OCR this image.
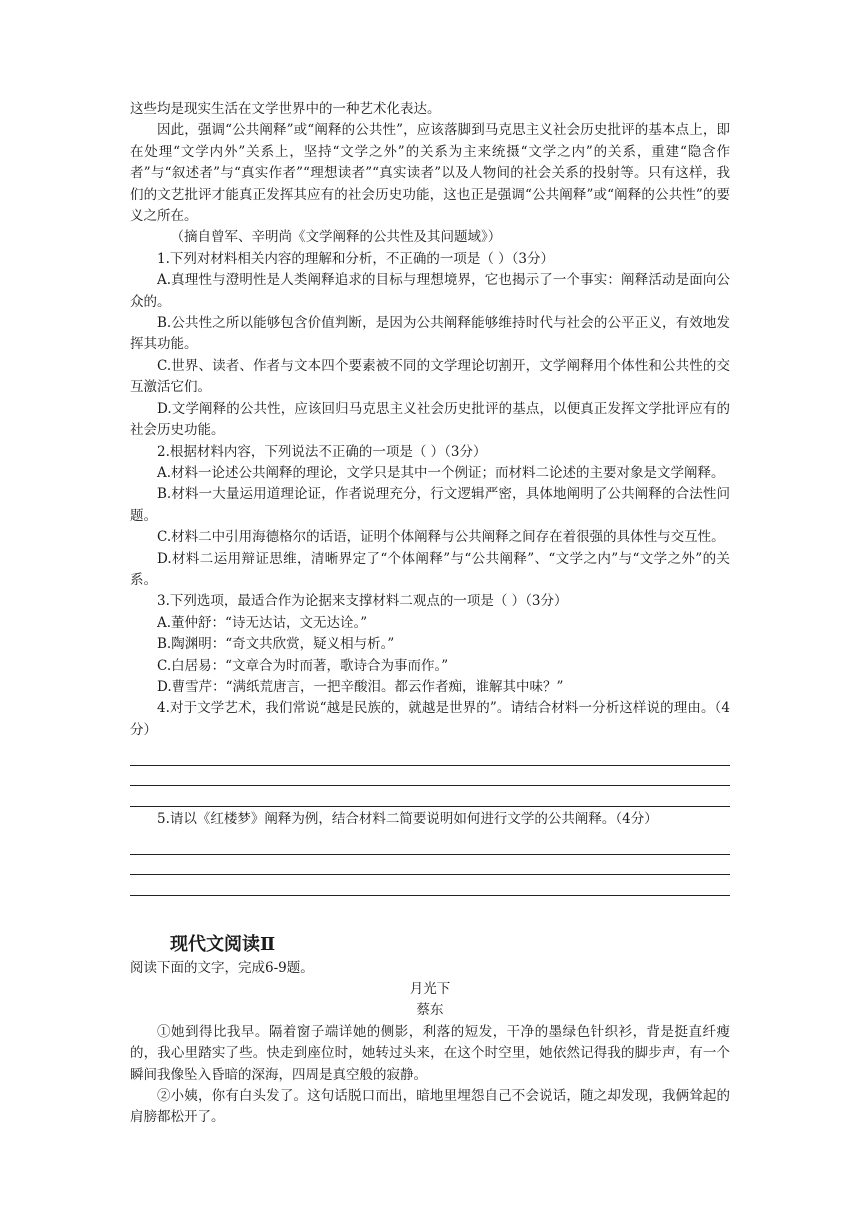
这些均是现实生活在文学世界中的一种艺术化表达。

因此，强调“公共阐释”或“阐释的公共性”，应该落脚到马克思主义社会历史批评的基本点上，即在处理“文学内外”关系上，坚持“文学之外”的关系为主来统摄“文学之内”的关系，重建“隐含作者”与“叙述者”与“真实作者”“理想读者”“真实读者”以及人物间的社会关系的投射等。只有这样，我们的文艺批评才能真正发挥其应有的社会历史功能，这也正是强调“公共阐释”或“阐释的公共性”的要义之所在。

（摘自曾军、辛明尚《文学阐释的公共性及其问题域》）

1.下列对材料相关内容的理解和分析，不正确的一项是（ ）（3分）

A.真理性与澄明性是人类阐释追求的目标与理想境界，它也揭示了一个事实：阐释活动是面向公众的。

B.公共性之所以能够包含价值判断，是因为公共阐释能够维持时代与社会的公平正义，有效地发挥其功能。

C.世界、读者、作者与文本四个要素被不同的文学理论切割开，文学阐释用个体性和公共性的交互激活它们。

D.文学阐释的公共性，应该回归马克思主义社会历史批评的基点，以便真正发挥文学批评应有的社会历史功能。

2.根据材料内容，下列说法不正确的一项是（ ）（3分）

A.材料一论述公共阐释的理论，文学只是其中一个例证；而材料二论述的主要对象是文学阐释。

B.材料一大量运用道理论证，作者说理充分，行文逻辑严密，具体地阐明了公共阐释的合法性问题。

C.材料二中引用海德格尔的话语，证明个体阐释与公共阐释之间存在着很强的具体性与交互性。

D.材料二运用辩证思维，清晰界定了“个体阐释”与“公共阐释”、“文学之内”与“文学之外”的关系。

3.下列选项，最适合作为论据来支撑材料二观点的一项是（ ）（3分）

A.董仲舒：“诗无达诂，文无达诠。”

B.陶渊明：“奇文共欣赏，疑义相与析。”

C.白居易：“文章合为时而著，歌诗合为事而作。”

D.曹雪芹：“满纸荒唐言，一把辛酸泪。都云作者痴，谁解其中味？”

4.对于文学艺术，我们常说“越是民族的，就越是世界的”。请结合材料一分析这样说的理由。（4分）

5.请以《红楼梦》阐释为例，结合材料二简要说明如何进行文学的公共阐释。（4分）

现代文阅读Ⅱ

阅读下面的文字，完成6-9题。

月光下

蔡东

①她到得比我早。隔着窗子端详她的侧影，利落的短发，干净的墨绿色针织衫，背是挺直纤瘦的，我心里踏实了些。快走到座位时，她转过头来，在这个时空里，她依然记得我的脚步声，有一个瞬间我像坠入昏暗的深海，四周是真空般的寂静。

②小姨，你有白头发了。这句话脱口而出，暗地里埋怨自己不会说话，随之却发现，我俩耸起的肩膀都松开了。
